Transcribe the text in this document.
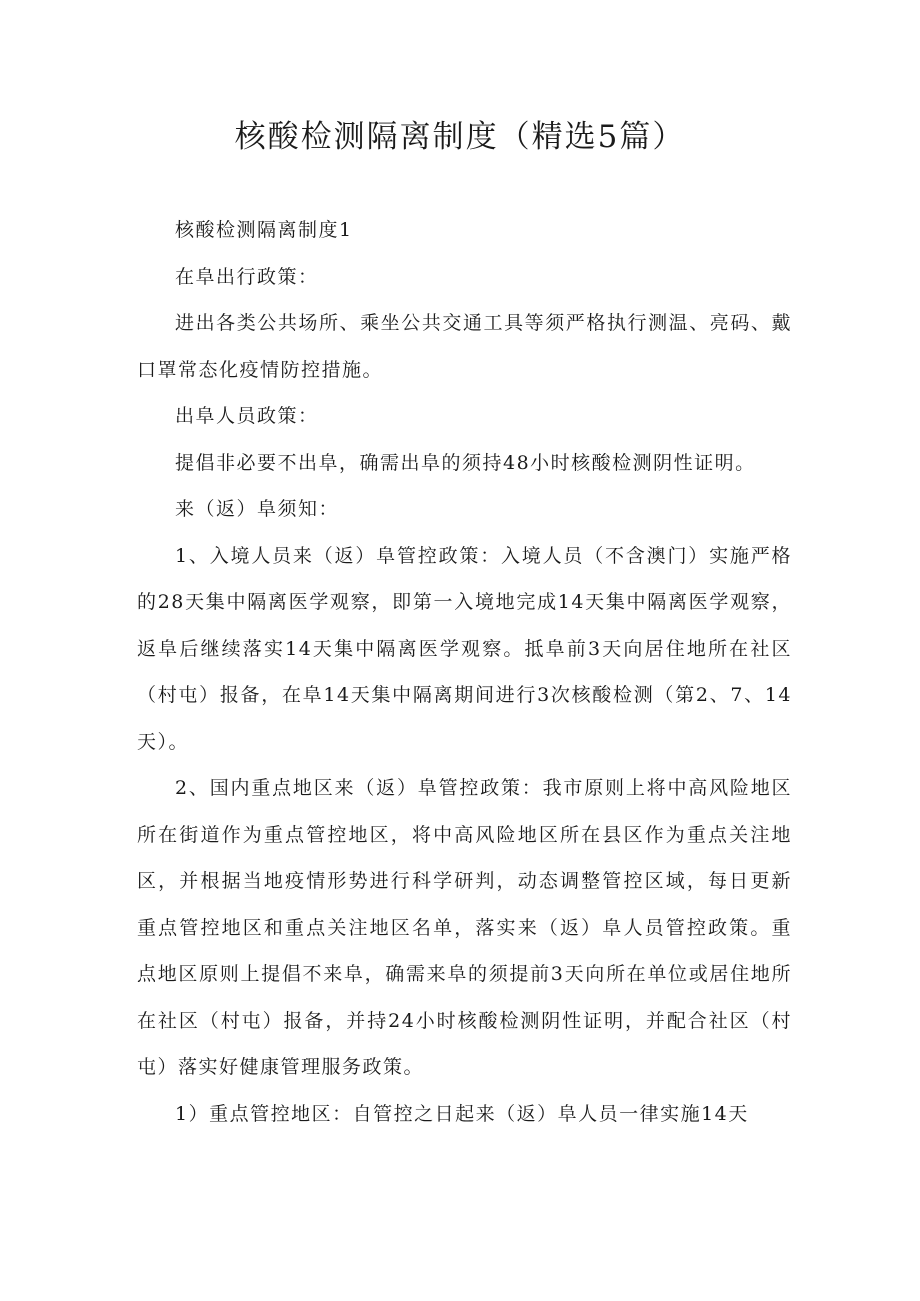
核酸检测隔离制度（精选5篇）

核酸检测隔离制度1

在阜出行政策：

进出各类公共场所、乘坐公共交通工具等须严格执行测温、亮码、戴口罩常态化疫情防控措施。

出阜人员政策：

提倡非必要不出阜，确需出阜的须持48小时核酸检测阴性证明。

来（返）阜须知：

1、入境人员来（返）阜管控政策：入境人员（不含澳门）实施严格的28天集中隔离医学观察，即第一入境地完成14天集中隔离医学观察，返阜后继续落实14天集中隔离医学观察。抵阜前3天向居住地所在社区（村屯）报备，在阜14天集中隔离期间进行3次核酸检测（第2、7、14天）。

2、国内重点地区来（返）阜管控政策：我市原则上将中高风险地区所在街道作为重点管控地区，将中高风险地区所在县区作为重点关注地区，并根据当地疫情形势进行科学研判，动态调整管控区域，每日更新重点管控地区和重点关注地区名单，落实来（返）阜人员管控政策。重点地区原则上提倡不来阜，确需来阜的须提前3天向所在单位或居住地所在社区（村屯）报备，并持24小时核酸检测阴性证明，并配合社区（村屯）落实好健康管理服务政策。

1）重点管控地区：自管控之日起来（返）阜人员一律实施14天
